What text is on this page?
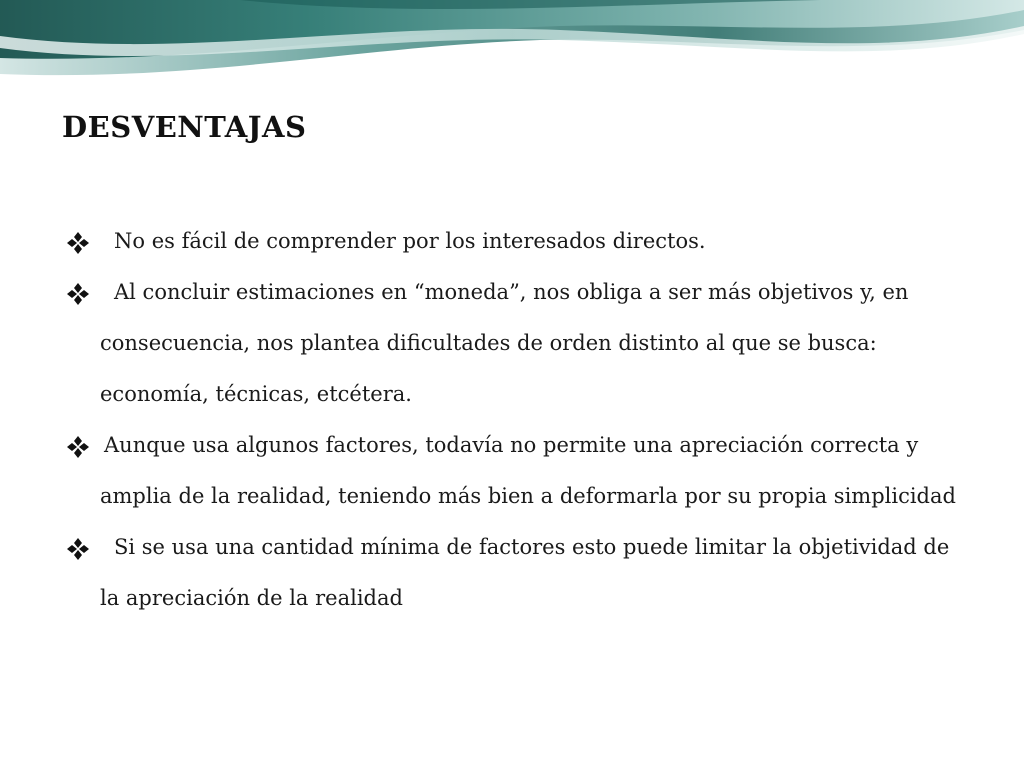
DESVENTAJAS
No es fácil de comprender por los interesados directos.
Al concluir estimaciones en “moneda”, nos obliga a ser más objetivos y, en consecuencia, nos plantea dificultades de orden distinto al que se busca: economía, técnicas, etcétera.
Aunque usa algunos factores, todavía no permite una apreciación correcta y amplia de la realidad, teniendo más bien a deformarla por su propia simplicidad
Si se usa una cantidad mínima de factores esto puede limitar la objetividad de la apreciación de la realidad
